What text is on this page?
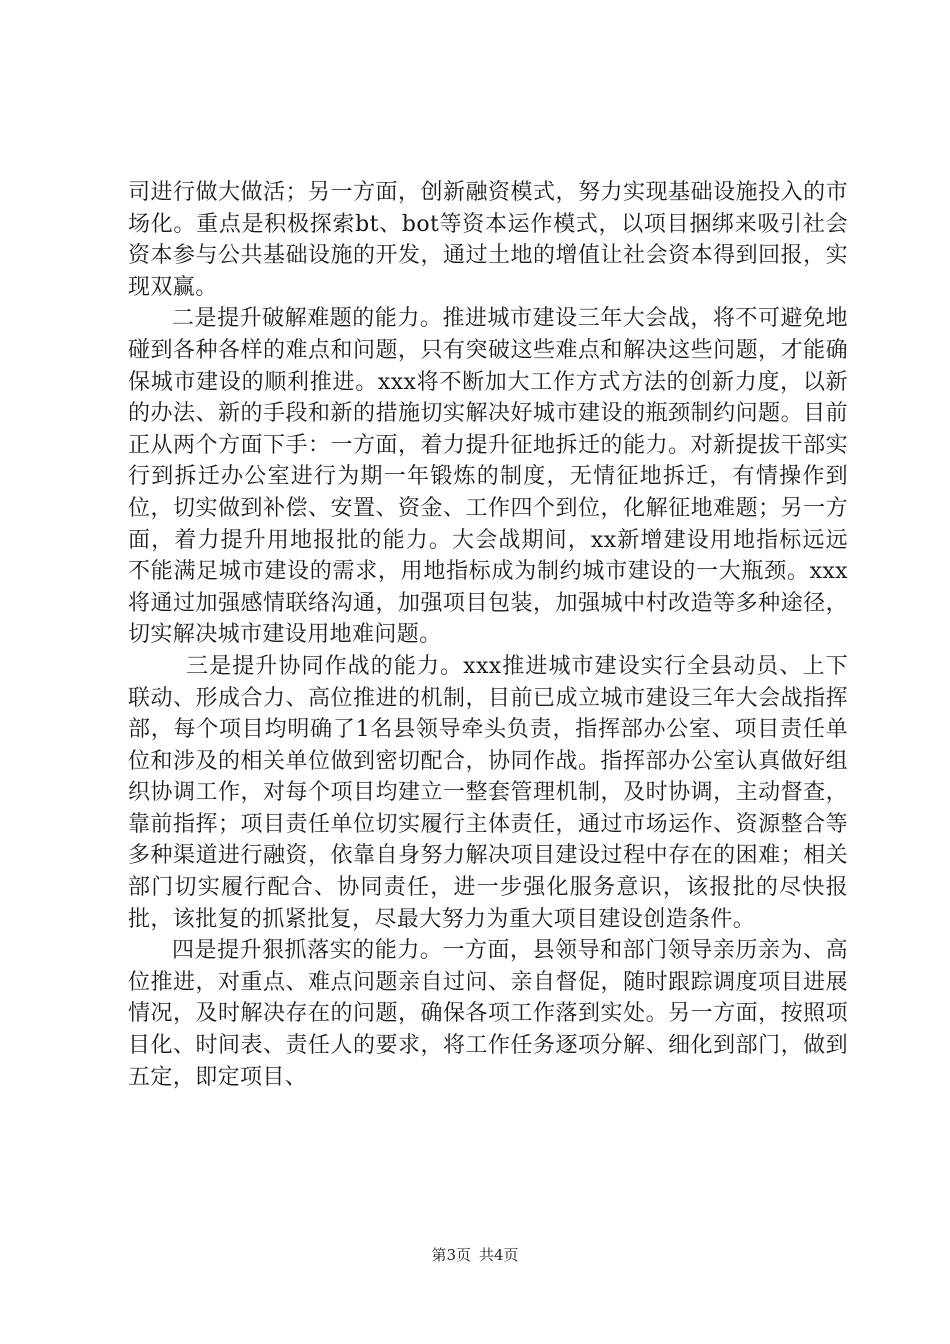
司进行做大做活；另一方面，创新融资模式，努力实现基础设施投入的市场化。重点是积极探索bt、bot等资本运作模式，以项目捆绑来吸引社会资本参与公共基础设施的开发，通过土地的增值让社会资本得到回报，实现双赢。

二是提升破解难题的能力。推进城市建设三年大会战，将不可避免地碰到各种各样的难点和问题，只有突破这些难点和解决这些问题，才能确保城市建设的顺利推进。xxx将不断加大工作方式方法的创新力度，以新的办法、新的手段和新的措施切实解决好城市建设的瓶颈制约问题。目前正从两个方面下手：一方面，着力提升征地拆迁的能力。对新提拔干部实行到拆迁办公室进行为期一年锻炼的制度，无情征地拆迁，有情操作到位，切实做到补偿、安置、资金、工作四个到位，化解征地难题；另一方面，着力提升用地报批的能力。大会战期间，xx新增建设用地指标远远不能满足城市建设的需求，用地指标成为制约城市建设的一大瓶颈。xxx将通过加强感情联络沟通，加强项目包装，加强城中村改造等多种途径，切实解决城市建设用地难问题。

三是提升协同作战的能力。xxx推进城市建设实行全县动员、上下联动、形成合力、高位推进的机制，目前已成立城市建设三年大会战指挥部，每个项目均明确了1名县领导牵头负责，指挥部办公室、项目责任单位和涉及的相关单位做到密切配合，协同作战。指挥部办公室认真做好组织协调工作，对每个项目均建立一整套管理机制，及时协调，主动督查，靠前指挥；项目责任单位切实履行主体责任，通过市场运作、资源整合等多种渠道进行融资，依靠自身努力解决项目建设过程中存在的困难；相关部门切实履行配合、协同责任，进一步强化服务意识，该报批的尽快报批，该批复的抓紧批复，尽最大努力为重大项目建设创造条件。

四是提升狠抓落实的能力。一方面，县领导和部门领导亲历亲为、高位推进，对重点、难点问题亲自过问、亲自督促，随时跟踪调度项目进展情况，及时解决存在的问题，确保各项工作落到实处。另一方面，按照项目化、时间表、责任人的要求，将工作任务逐项分解、细化到部门，做到五定，即定项目、

第3页 共4页
